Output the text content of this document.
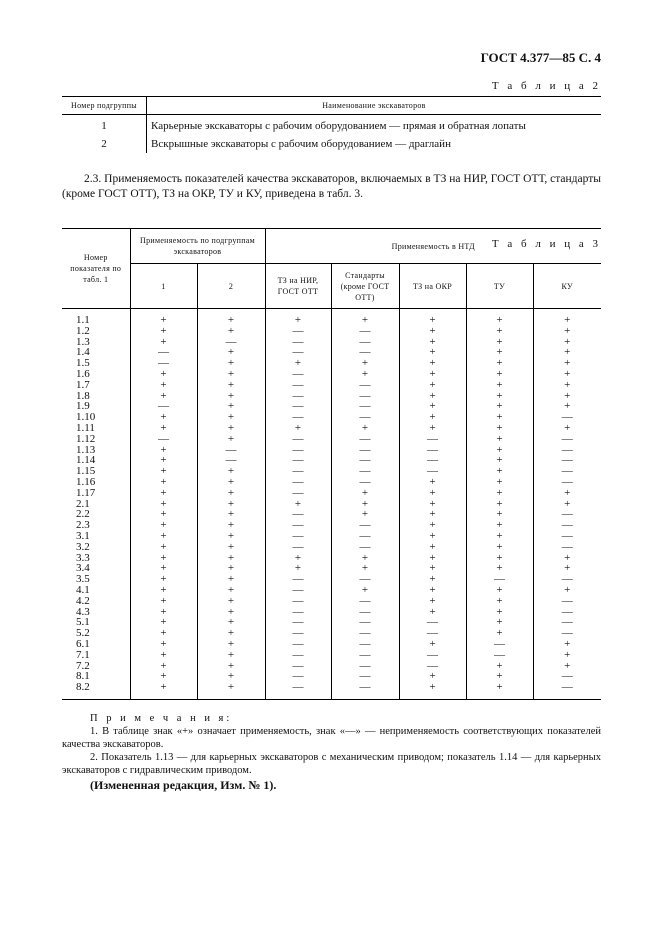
ГОСТ 4.377—85 С. 4
Т а б л и ц а 2
Номер подгруппы	Наименование экскаваторов
1	Карьерные экскаваторы с рабочим оборудованием — прямая и обратная лопаты
2	Вскрышные экскаваторы с рабочим оборудованием — драглайн

2.3. Применяемость показателей качества экскаваторов, включаемых в ТЗ на НИР, ГОСТ ОТТ, стандарты (кроме ГОСТ ОТТ), ТЗ на ОКР, ТУ и КУ, приведена в табл. 3.

Т а б л и ц а 3
Номер показателя по табл. 1	Применяемость по подгруппам экскаваторов		Применяемость в НТД				
	1	2	ТЗ на НИР, ГОСТ ОТТ	Стандарты (кроме ГОСТ ОТТ)	ТЗ на ОКР	ТУ	КУ
1.1	+	+	+	+	+	+	+
1.2	+	+	—	—	+	+	+
1.3	+	—	—	—	+	+	+
1.4	—	+	—	—	+	+	+
1.5	—	+	+	+	+	+	+
1.6	+	+	—	+	+	+	+
1.7	+	+	—	—	+	+	+
1.8	+	+	—	—	+	+	+
1.9	—	+	—	—	+	+	+
1.10	+	+	—	—	+	+	—
1.11	+	+	+	+	+	+	+
1.12	—	+	—	—	—	+	—
1.13	+	—	—	—	—	+	—
1.14	+	—	—	—	—	+	—
1.15	+	+	—	—	—	+	—
1.16	+	+	—	—	+	+	—
1.17	+	+	—	+	+	+	+
2.1	+	+	+	+	+	+	+
2.2	+	+	—	+	+	+	—
2.3	+	+	—	—	+	+	—
3.1	+	+	—	—	+	+	—
3.2	+	+	—	—	+	+	—
3.3	+	+	+	+	+	+	+
3.4	+	+	+	+	+	+	+
3.5	+	+	—	—	+	—	—
4.1	+	+	—	+	+	+	+
4.2	+	+	—	—	+	+	—
4.3	+	+	—	—	+	+	—
5.1	+	+	—	—	—	+	—
5.2	+	+	—	—	—	+	—
6.1	+	+	—	—	+	—	+
7.1	+	+	—	—	—	—	+
7.2	+	+	—	—	—	+	+
8.1	+	+	—	—	+	+	—
8.2	+	+	—	—	+	+	—

П р и м е ч а н и я:

1. В таблице знак «+» означает применяемость, знак «—» — неприменяемость соответствующих показателей качества экскаваторов.

2. Показатель 1.13 — для карьерных экскаваторов с механическим приводом; показатель 1.14 — для карьерных экскаваторов с гидравлическим приводом.

(Измененная редакция, Изм. № 1).
